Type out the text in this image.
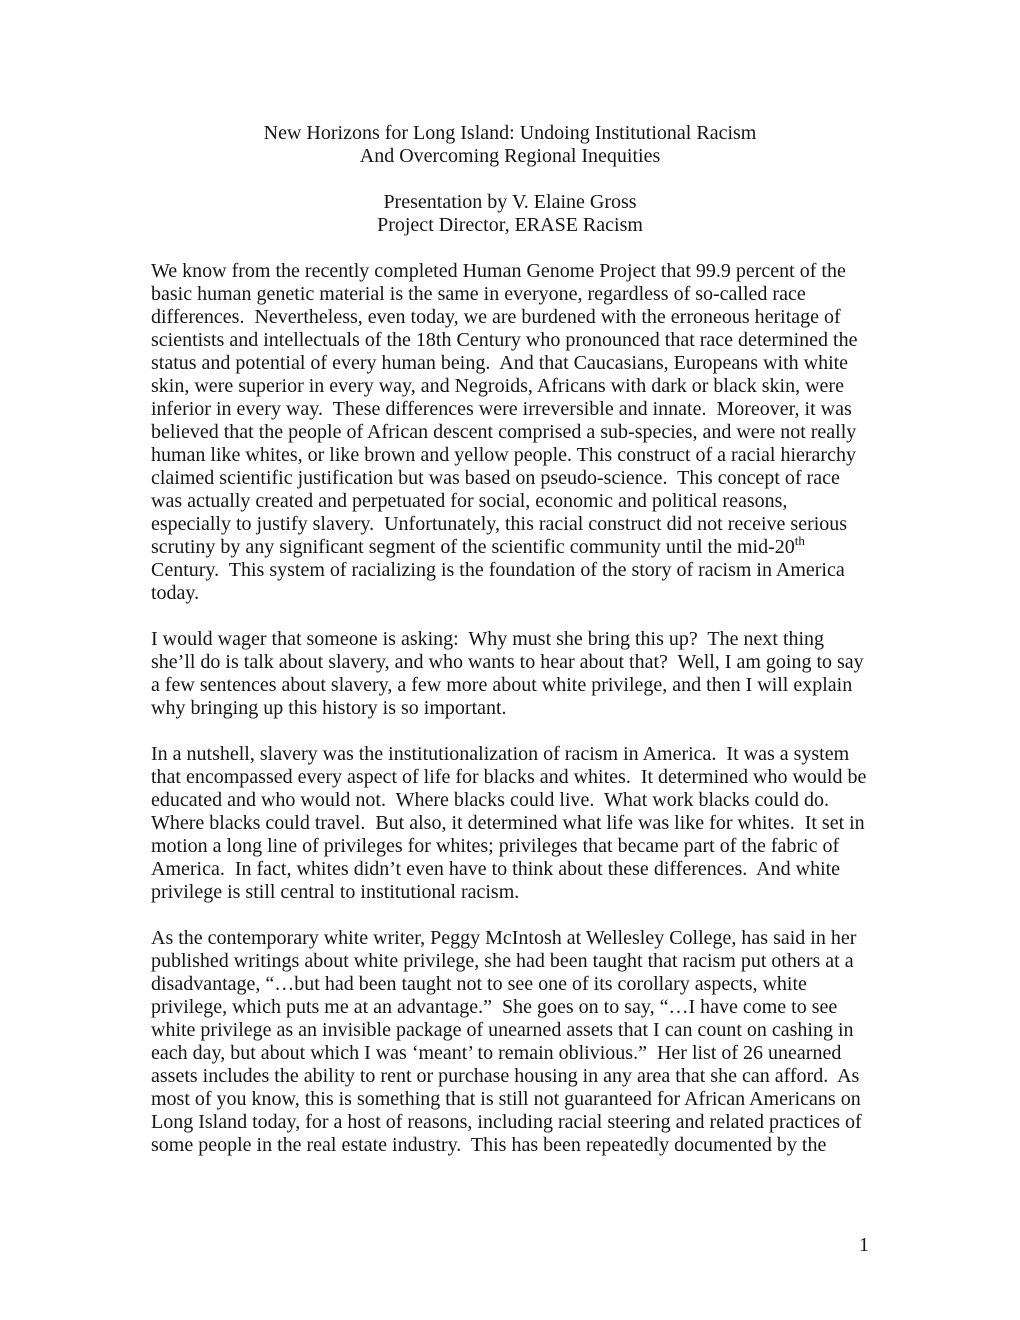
New Horizons for Long Island: Undoing Institutional Racism
And Overcoming Regional Inequities
Presentation by V. Elaine Gross
Project Director, ERASE Racism
We know from the recently completed Human Genome Project that 99.9 percent of the
basic human genetic material is the same in everyone, regardless of so-called race
differences.  Nevertheless, even today, we are burdened with the erroneous heritage of
scientists and intellectuals of the 18th Century who pronounced that race determined the
status and potential of every human being.  And that Caucasians, Europeans with white
skin, were superior in every way, and Negroids, Africans with dark or black skin, were
inferior in every way.  These differences were irreversible and innate.  Moreover, it was
believed that the people of African descent comprised a sub-species, and were not really
human like whites, or like brown and yellow people. This construct of a racial hierarchy
claimed scientific justification but was based on pseudo-science.  This concept of race
was actually created and perpetuated for social, economic and political reasons,
especially to justify slavery.  Unfortunately, this racial construct did not receive serious
scrutiny by any significant segment of the scientific community until the mid-20th
Century.  This system of racializing is the foundation of the story of racism in America
today.
I would wager that someone is asking:  Why must she bring this up?  The next thing
she’ll do is talk about slavery, and who wants to hear about that?  Well, I am going to say
a few sentences about slavery, a few more about white privilege, and then I will explain
why bringing up this history is so important.
In a nutshell, slavery was the institutionalization of racism in America.  It was a system
that encompassed every aspect of life for blacks and whites.  It determined who would be
educated and who would not.  Where blacks could live.  What work blacks could do.
Where blacks could travel.  But also, it determined what life was like for whites.  It set in
motion a long line of privileges for whites; privileges that became part of the fabric of
America.  In fact, whites didn’t even have to think about these differences.  And white
privilege is still central to institutional racism.
As the contemporary white writer, Peggy McIntosh at Wellesley College, has said in her
published writings about white privilege, she had been taught that racism put others at a
disadvantage, “…but had been taught not to see one of its corollary aspects, white
privilege, which puts me at an advantage.”  She goes on to say, “…I have come to see
white privilege as an invisible package of unearned assets that I can count on cashing in
each day, but about which I was ‘meant’ to remain oblivious.”  Her list of 26 unearned
assets includes the ability to rent or purchase housing in any area that she can afford.  As
most of you know, this is something that is still not guaranteed for African Americans on
Long Island today, for a host of reasons, including racial steering and related practices of
some people in the real estate industry.  This has been repeatedly documented by the
1
